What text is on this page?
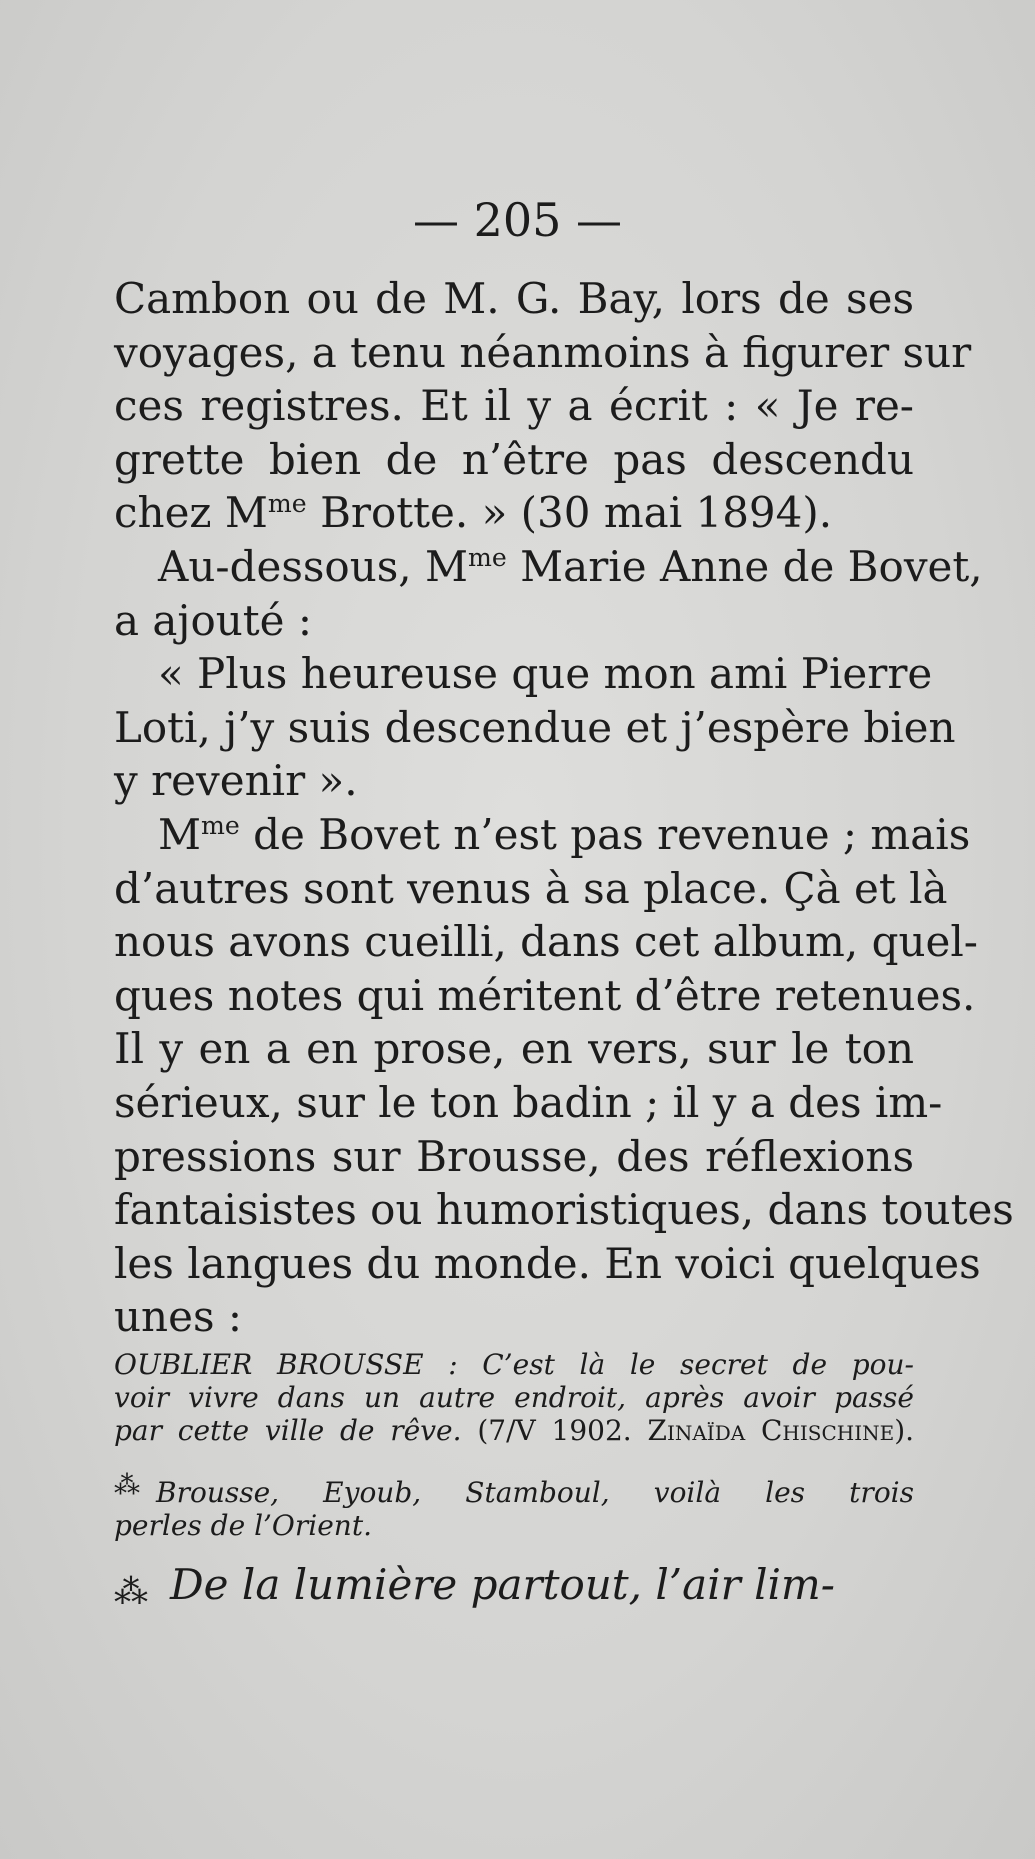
— 205 —
Cambon ou de M. G. Bay, lors de ses
voyages, a tenu néanmoins à figurer sur
ces registres. Et il y a écrit : « Je re-
grette bien de n’être pas descendu
chez $M^{me}$ Brotte. » (30 mai 1894).
Au-dessous, $M^{me}$ Marie Anne de Bovet,
a ajouté :
« Plus heureuse que mon ami Pierre
Loti, j’y suis descendue et j’espère bien
y revenir ».
$M^{me}$ de Bovet n’est pas revenue ; mais
d’autres sont venus à sa place. Çà et là
nous avons cueilli, dans cet album, quel-
ques notes qui méritent d’être retenues.
Il y en a en prose, en vers, sur le ton
sérieux, sur le ton badin ; il y a des im-
pressions sur Brousse, des réflexions
fantaisistes ou humoristiques, dans toutes
les langues du monde. En voici quelques
unes :
OUBLIER BROUSSE : C’est là le secret de pou-
voir vivre dans un autre endroit, après avoir passé
par cette ville de rêve. (7/V 1902. Zinaïda Chischine).
⁂ Brousse, Eyoub, Stamboul, voilà les trois
perles de l’Orient.
⁂ De la lumière partout, l’air lim-
